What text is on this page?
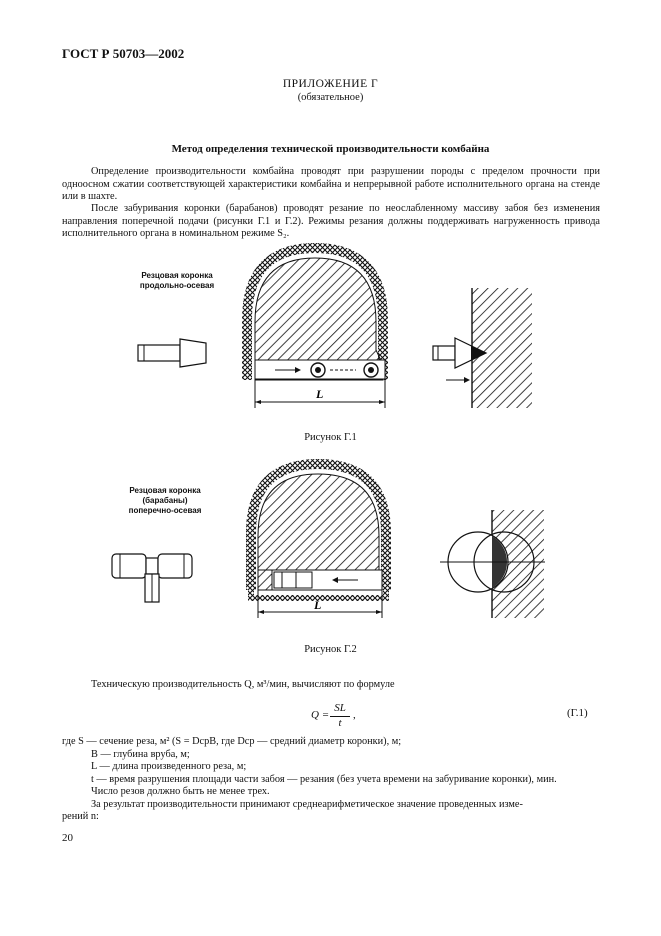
ГОСТ Р 50703—2002
ПРИЛОЖЕНИЕ Г
(обязательное)
Метод определения технической производительности комбайна
Определение производительности комбайна проводят при разрушении породы с пределом прочности при одноосном сжатии соответствующей характеристики комбайна и непрерывной работе исполнительного органа на стенде или в шахте.
После забуривания коронки (барабанов) проводят резание по неослабленному массиву забоя без изменения направления поперечной подачи (рисунки Г.1 и Г.2). Режимы резания должны поддерживать нагруженность привода исполнительного органа в номинальном режиме S₂.
Резцовая коронка
продольно-осевая
L
Рисунок Г.1
Резцовая коронка
(барабаны)
поперечно-осевая
L
Рисунок Г.2
Техническую производительность Q, м³/мин, вычисляют по формуле
Q =
SL
t
,	(Г.1)
где S — сечение реза, м² (S = DсрB, где Dср — средний диаметр коронки), м;
B — глубина вруба, м;
L — длина произведенного реза, м;
t — время разрушения площади части забоя — резания (без учета времени на забуривание коронки), мин.
Число резов должно быть не менее трех.
За результат производительности принимают среднеарифметическое значение проведенных изме-
рений n:
20
